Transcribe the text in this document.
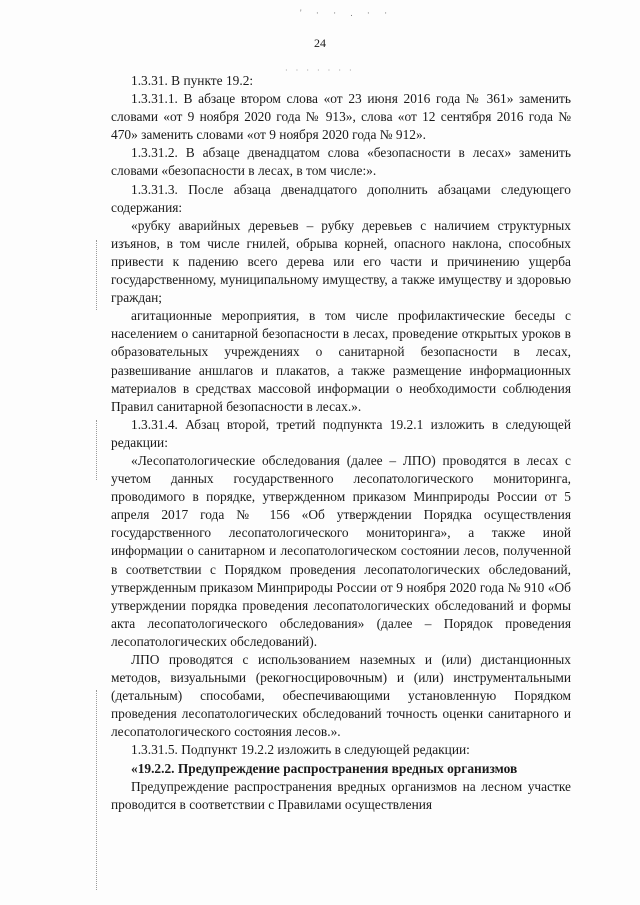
' · · . · ·
24
· · · · · · ·

1.3.31. В пункте 19.2:

1.3.31.1. В абзаце втором слова «от 23 июня 2016 года № 361» заменить словами «от 9 ноября 2020 года № 913», слова «от 12 сентября 2016 года № 470» заменить словами «от 9 ноября 2020 года № 912».

1.3.31.2. В абзаце двенадцатом слова «безопасности в лесах» заменить словами «безопасности в лесах, в том числе:».

1.3.31.3. После абзаца двенадцатого дополнить абзацами следующего содержания:

«рубку аварийных деревьев – рубку деревьев с наличием структурных изъянов, в том числе гнилей, обрыва корней, опасного наклона, способных привести к падению всего дерева или его части и причинению ущерба государственному, муниципальному имуществу, а также имуществу и здоровью граждан;

агитационные мероприятия, в том числе профилактические беседы с населением о санитарной безопасности в лесах, проведение открытых уроков в образовательных учреждениях о санитарной безопасности в лесах, развешивание аншлагов и плакатов, а также размещение информационных материалов в средствах массовой информации о необходимости соблюдения Правил санитарной безопасности в лесах.».

1.3.31.4. Абзац второй, третий подпункта 19.2.1 изложить в следующей редакции:

«Лесопатологические обследования (далее – ЛПО) проводятся в лесах с учетом данных государственного лесопатологического мониторинга, проводимого в порядке, утвержденном приказом Минприроды России от 5 апреля 2017 года № 156 «Об утверждении Порядка осуществления государственного лесопатологического мониторинга», а также иной информации о санитарном и лесопатологическом состоянии лесов, полученной в соответствии с Порядком проведения лесопатологических обследований, утвержденным приказом Минприроды России от 9 ноября 2020 года № 910 «Об утверждении порядка проведения лесопатологических обследований и формы акта лесопатологического обследования» (далее – Порядок проведения лесопатологических обследований).

ЛПО проводятся с использованием наземных и (или) дистанционных методов, визуальными (рекогносцировочным) и (или) инструментальными (детальным) способами, обеспечивающими установленную Порядком проведения лесопатологических обследований точность оценки санитарного и лесопатологического состояния лесов.».

1.3.31.5. Подпункт 19.2.2 изложить в следующей редакции:

«19.2.2. Предупреждение распространения вредных организмов

Предупреждение распространения вредных организмов на лесном участке проводится в соответствии с Правилами осуществления
